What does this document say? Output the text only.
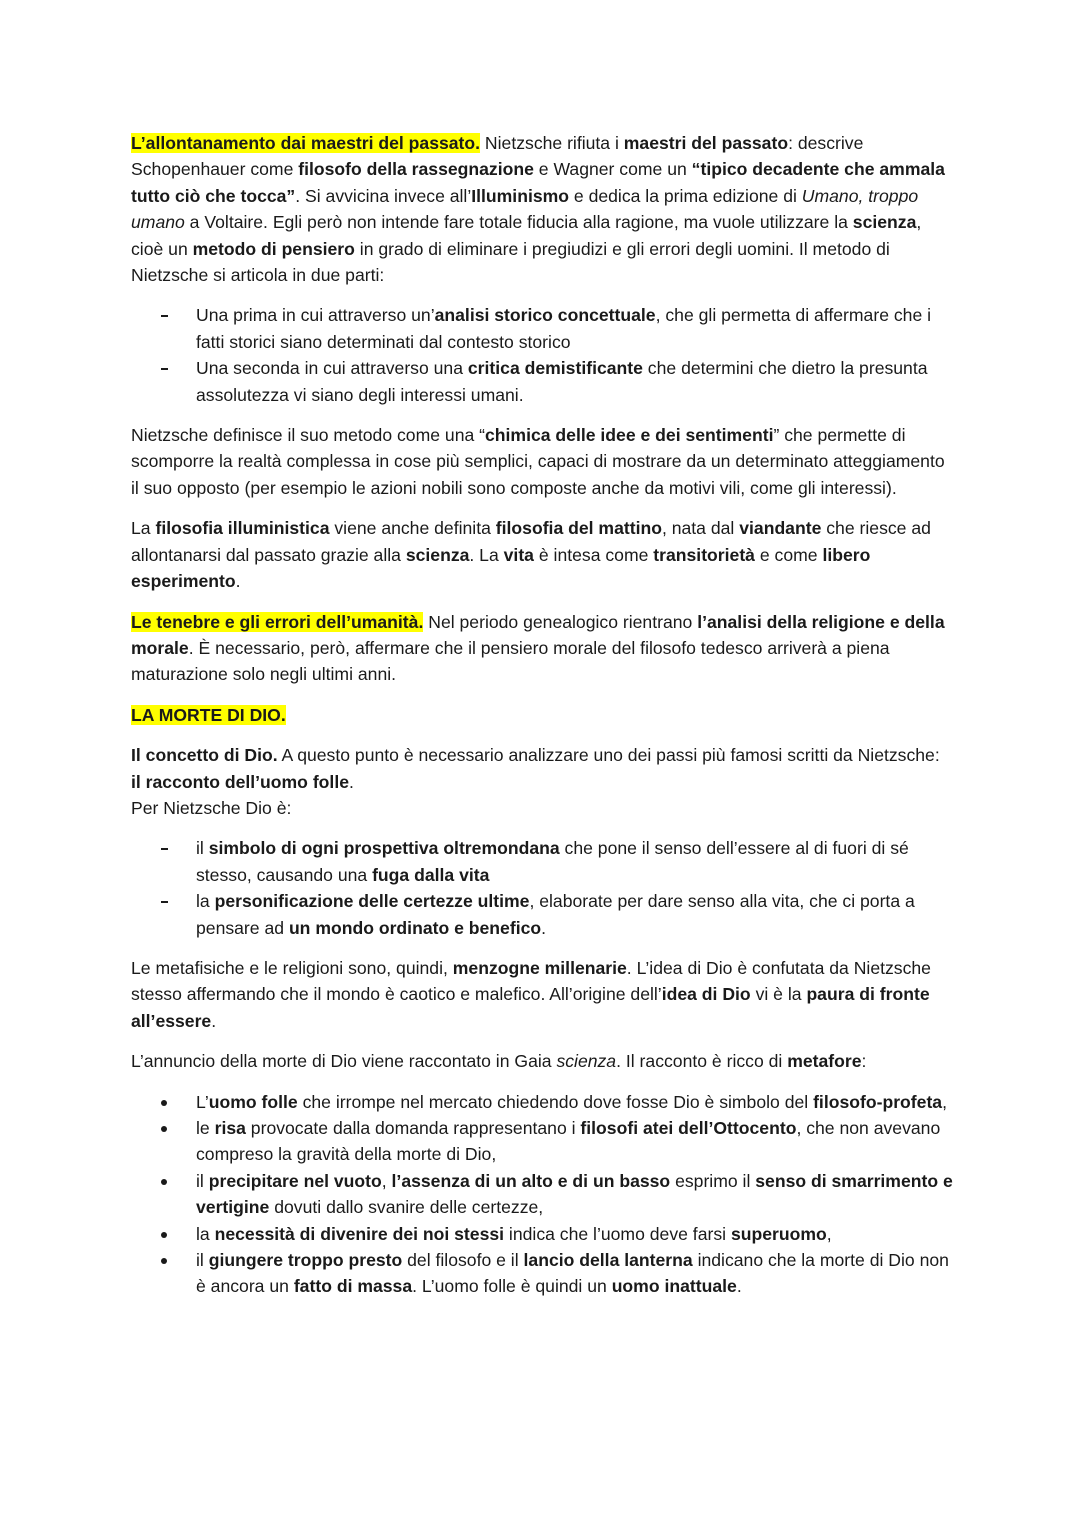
L’allontanamento dai maestri del passato. Nietzsche rifiuta i maestri del passato: descrive Schopenhauer come filosofo della rassegnazione e Wagner come un “tipico decadente che ammala tutto ciò che tocca”. Si avvicina invece all’Illuminismo e dedica la prima edizione di Umano, troppo umano a Voltaire. Egli però non intende fare totale fiducia alla ragione, ma vuole utilizzare la scienza, cioè un metodo di pensiero in grado di eliminare i pregiudizi e gli errori degli uomini. Il metodo di Nietzsche si articola in due parti:

Una prima in cui attraverso un’analisi storico concettuale, che gli permetta di affermare che i fatti storici siano determinati dal contesto storico
Una seconda in cui attraverso una critica demistificante che determini che dietro la presunta assolutezza vi siano degli interessi umani.

Nietzsche definisce il suo metodo come una “chimica delle idee e dei sentimenti” che permette di scomporre la realtà complessa in cose più semplici, capaci di mostrare da un determinato atteggiamento il suo opposto (per esempio le azioni nobili sono composte anche da motivi vili, come gli interessi).

La filosofia illuministica viene anche definita filosofia del mattino, nata dal viandante che riesce ad allontanarsi dal passato grazie alla scienza. La vita è intesa come transitorietà e come libero esperimento.

Le tenebre e gli errori dell’umanità. Nel periodo genealogico rientrano l’analisi della religione e della morale. È necessario, però, affermare che il pensiero morale del filosofo tedesco arriverà a piena maturazione solo negli ultimi anni.

LA MORTE DI DIO.

Il concetto di Dio. A questo punto è necessario analizzare uno dei passi più famosi scritti da Nietzsche: il racconto dell’uomo folle.
Per Nietzsche Dio è:

il simbolo di ogni prospettiva oltremondana che pone il senso dell’essere al di fuori di sé stesso, causando una fuga dalla vita
la personificazione delle certezze ultime, elaborate per dare senso alla vita, che ci porta a pensare ad un mondo ordinato e benefico.

Le metafisiche e le religioni sono, quindi, menzogne millenarie. L’idea di Dio è confutata da Nietzsche stesso affermando che il mondo è caotico e malefico. All’origine dell’idea di Dio vi è la paura di fronte all’essere.

L’annuncio della morte di Dio viene raccontato in Gaia scienza. Il racconto è ricco di metafore:

L’uomo folle che irrompe nel mercato chiedendo dove fosse Dio è simbolo del filosofo-profeta,
le risa provocate dalla domanda rappresentano i filosofi atei dell’Ottocento, che non avevano compreso la gravità della morte di Dio,
il precipitare nel vuoto, l’assenza di un alto e di un basso esprimo il senso di smarrimento e vertigine dovuti dallo svanire delle certezze,
la necessità di divenire dei noi stessi indica che l’uomo deve farsi superuomo,
il giungere troppo presto del filosofo e il lancio della lanterna indicano che la morte di Dio non è ancora un fatto di massa. L’uomo folle è quindi un uomo inattuale.
